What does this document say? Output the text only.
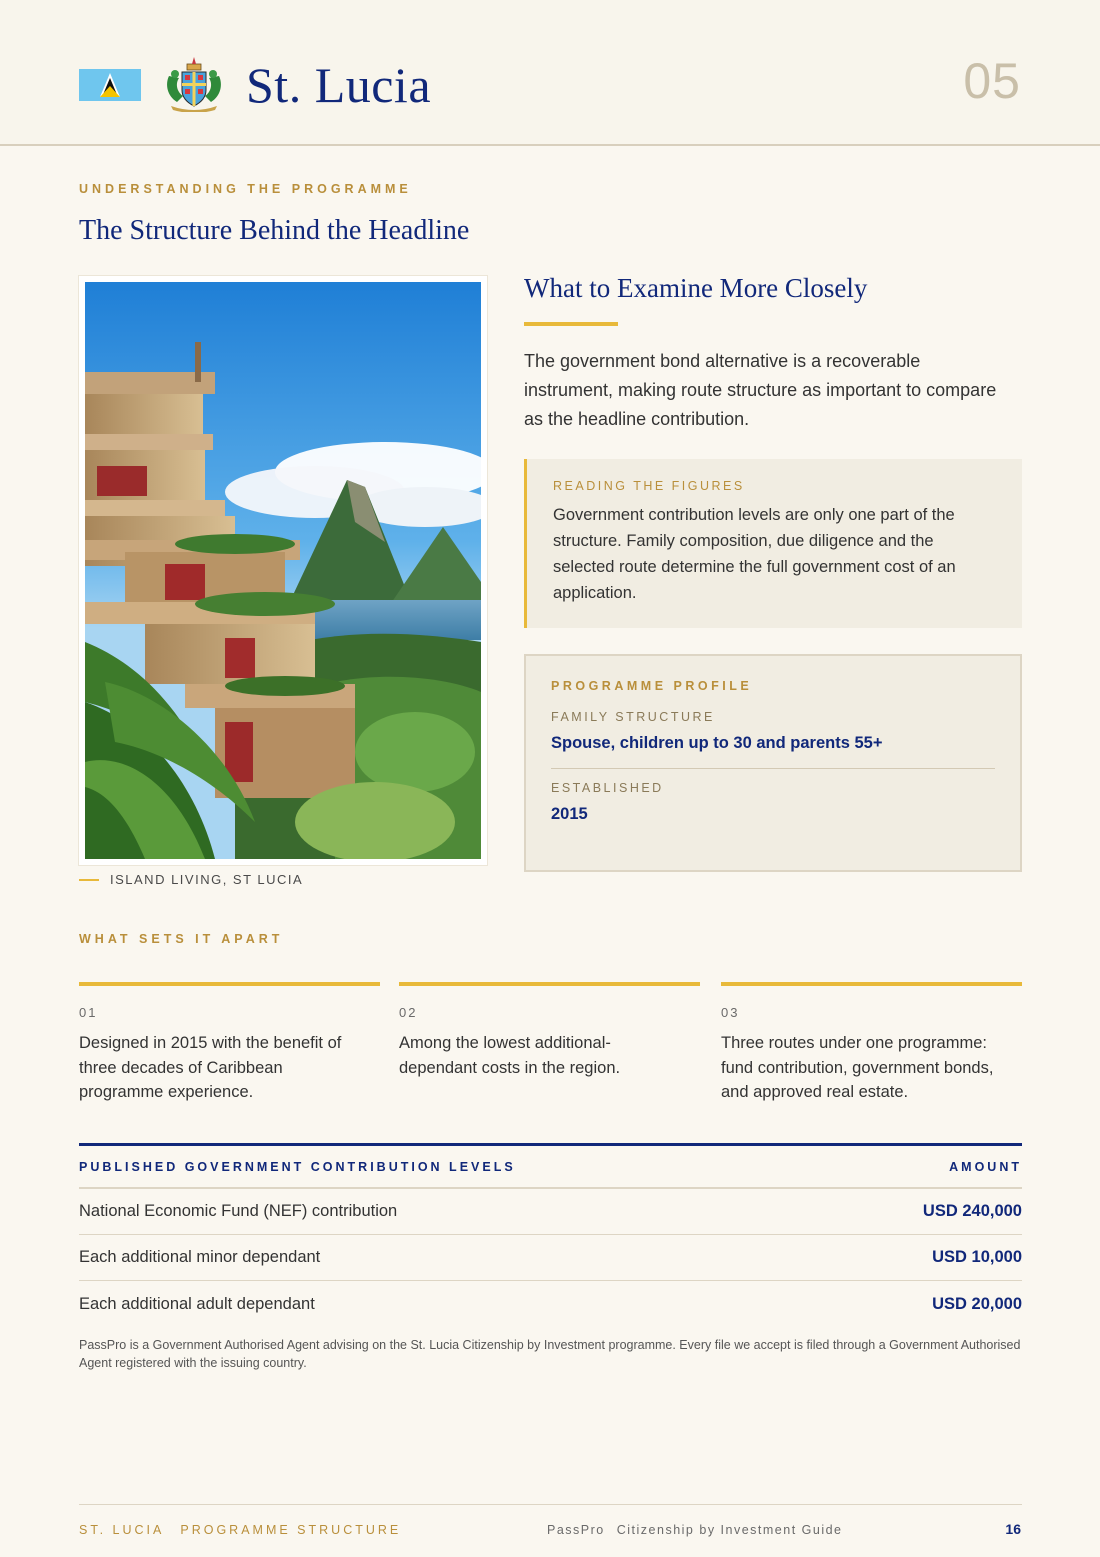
St. Lucia	05
UNDERSTANDING THE PROGRAMME
The Structure Behind the Headline
ISLAND LIVING, ST LUCIA
What to Examine More Closely
The government bond alternative is a recoverable instrument, making route structure as important to compare as the headline contribution.
READING THE FIGURES
Government contribution levels are only one part of the structure. Family composition, due diligence and the selected route determine the full government cost of an application.
PROGRAMME PROFILE
FAMILY STRUCTURE
Spouse, children up to 30 and parents 55+
ESTABLISHED
2015
WHAT SETS IT APART
01
Designed in 2015 with the benefit of three decades of Caribbean programme experience.
02
Among the lowest additional-dependant costs in the region.
03
Three routes under one programme: fund contribution, government bonds, and approved real estate.
PUBLISHED GOVERNMENT CONTRIBUTION LEVELS	AMOUNT
National Economic Fund (NEF) contribution	USD 240,000
Each additional minor dependant	USD 10,000
Each additional adult dependant	USD 20,000
PassPro is a Government Authorised Agent advising on the St. Lucia Citizenship by Investment programme. Every file we accept is filed through a Government Authorised Agent registered with the issuing country.
ST. LUCIA PROGRAMME STRUCTURE	PassPro Citizenship by Investment Guide	16
